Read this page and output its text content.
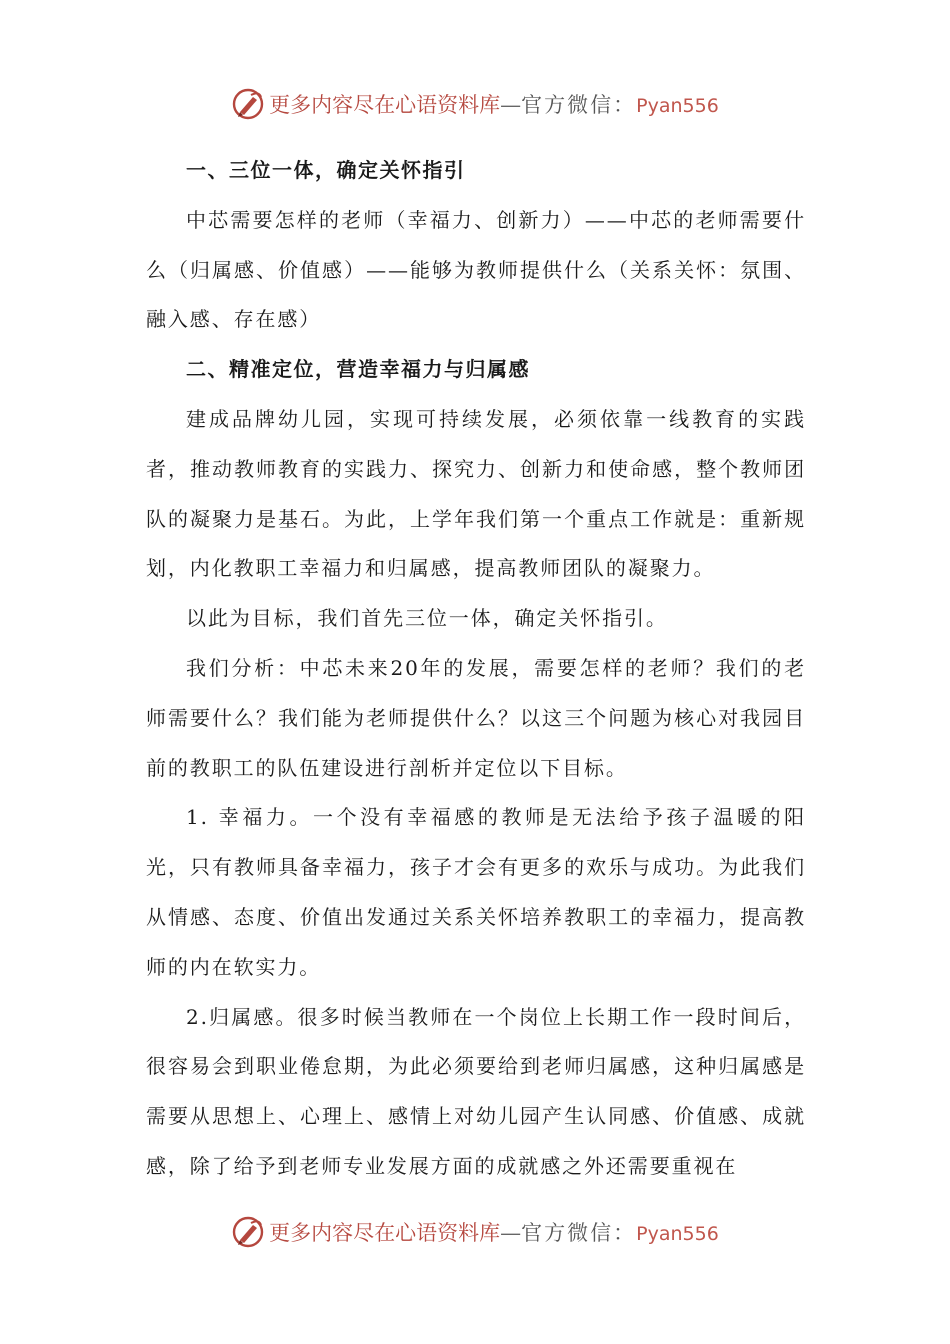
更多内容尽在心语资料库—官方微信：Pyan556

一、三位一体，确定关怀指引

中芯需要怎样的老师（幸福力、创新力）——中芯的老师需要什么（归属感、价值感）——能够为教师提供什么（关系关怀：氛围、融入感、存在感）

二、精准定位，营造幸福力与归属感

建成品牌幼儿园，实现可持续发展，必须依靠一线教育的实践者，推动教师教育的实践力、探究力、创新力和使命感，整个教师团队的凝聚力是基石。为此，上学年我们第一个重点工作就是：重新规划，内化教职工幸福力和归属感，提高教师团队的凝聚力。

以此为目标，我们首先三位一体，确定关怀指引。

我们分析：中芯未来20年的发展，需要怎样的老师？我们的老师需要什么？我们能为老师提供什么？以这三个问题为核心对我园目前的教职工的队伍建设进行剖析并定位以下目标。

1. 幸福力。一个没有幸福感的教师是无法给予孩子温暖的阳光，只有教师具备幸福力，孩子才会有更多的欢乐与成功。为此我们从情感、态度、价值出发通过关系关怀培养教职工的幸福力，提高教师的内在软实力。

2.归属感。很多时候当教师在一个岗位上长期工作一段时间后，很容易会到职业倦怠期，为此必须要给到老师归属感，这种归属感是需要从思想上、心理上、感情上对幼儿园产生认同感、价值感、成就感，除了给予到老师专业发展方面的成就感之外还需要重视在

更多内容尽在心语资料库—官方微信：Pyan556
